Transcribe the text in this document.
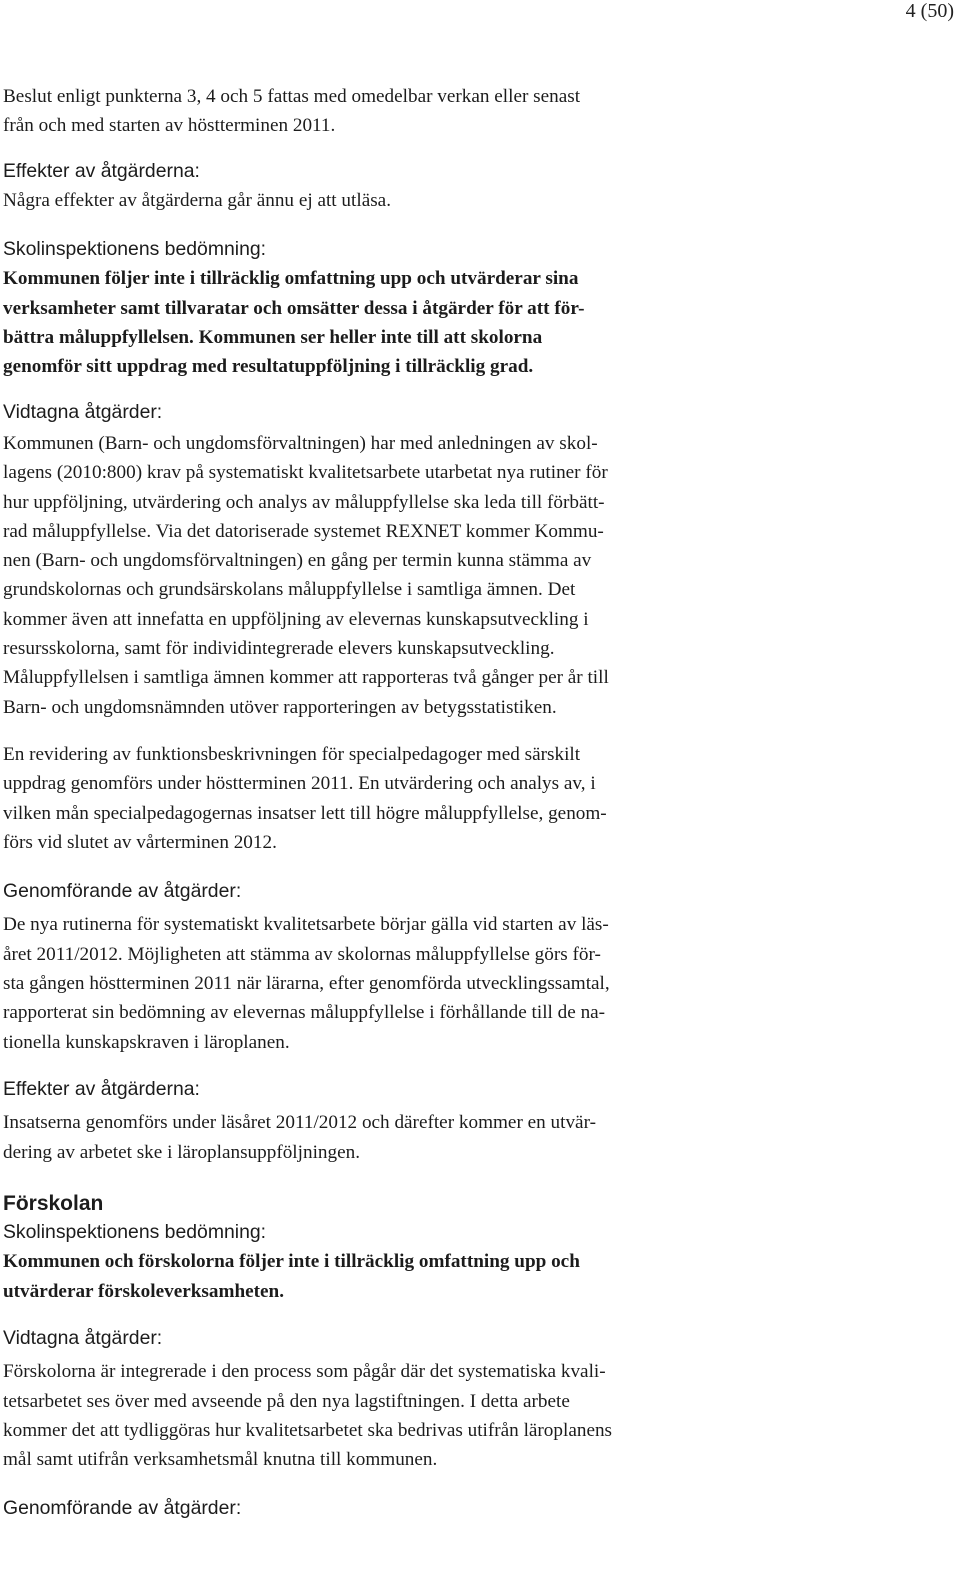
4 (50)

Beslut enligt punkterna 3, 4 och 5 fattas med omedelbar verkan eller senast
från och med starten av höstterminen 2011.

Effekter av åtgärderna:

Några effekter av åtgärderna går ännu ej att utläsa.

Skolinspektionens bedömning:

Kommunen följer inte i tillräcklig omfattning upp och utvärderar sina
verksamheter samt tillvaratar och omsätter dessa i åtgärder för att för-
bättra måluppfyllelsen. Kommunen ser heller inte till att skolorna
genomför sitt uppdrag med resultatuppföljning i tillräcklig grad.

Vidtagna åtgärder:

Kommunen (Barn- och ungdomsförvaltningen) har med anledningen av skol-
lagens (2010:800) krav på systematiskt kvalitetsarbete utarbetat nya rutiner för
hur uppföljning, utvärdering och analys av måluppfyllelse ska leda till förbätt-
rad måluppfyllelse. Via det datoriserade systemet REXNET kommer Kommu-
nen (Barn- och ungdomsförvaltningen) en gång per termin kunna stämma av
grundskolornas och grundsärskolans måluppfyllelse i samtliga ämnen. Det
kommer även att innefatta en uppföljning av elevernas kunskapsutveckling i
resursskolorna, samt för individintegrerade elevers kunskapsutveckling.
Måluppfyllelsen i samtliga ämnen kommer att rapporteras två gånger per år till
Barn- och ungdomsnämnden utöver rapporteringen av betygsstatistiken.

En revidering av funktionsbeskrivningen för specialpedagoger med särskilt
uppdrag genomförs under höstterminen 2011. En utvärdering och analys av, i
vilken mån specialpedagogernas insatser lett till högre måluppfyllelse, genom-
förs vid slutet av vårterminen 2012.

Genomförande av åtgärder:

De nya rutinerna för systematiskt kvalitetsarbete börjar gälla vid starten av läs-
året 2011/2012. Möjligheten att stämma av skolornas måluppfyllelse görs för-
sta gången höstterminen 2011 när lärarna, efter genomförda utvecklingssamtal,
rapporterat sin bedömning av elevernas måluppfyllelse i förhållande till de na-
tionella kunskapskraven i läroplanen.

Effekter av åtgärderna:

Insatserna genomförs under läsåret 2011/2012 och därefter kommer en utvär-
dering av arbetet ske i läroplansuppföljningen.

Förskolan

Skolinspektionens bedömning:

Kommunen och förskolorna följer inte i tillräcklig omfattning upp och
utvärderar förskoleverksamheten.

Vidtagna åtgärder:

Förskolorna är integrerade i den process som pågår där det systematiska kvali-
tetsarbetet ses över med avseende på den nya lagstiftningen. I detta arbete
kommer det att tydliggöras hur kvalitetsarbetet ska bedrivas utifrån läroplanens
mål samt utifrån verksamhetsmål knutna till kommunen.

Genomförande av åtgärder:
